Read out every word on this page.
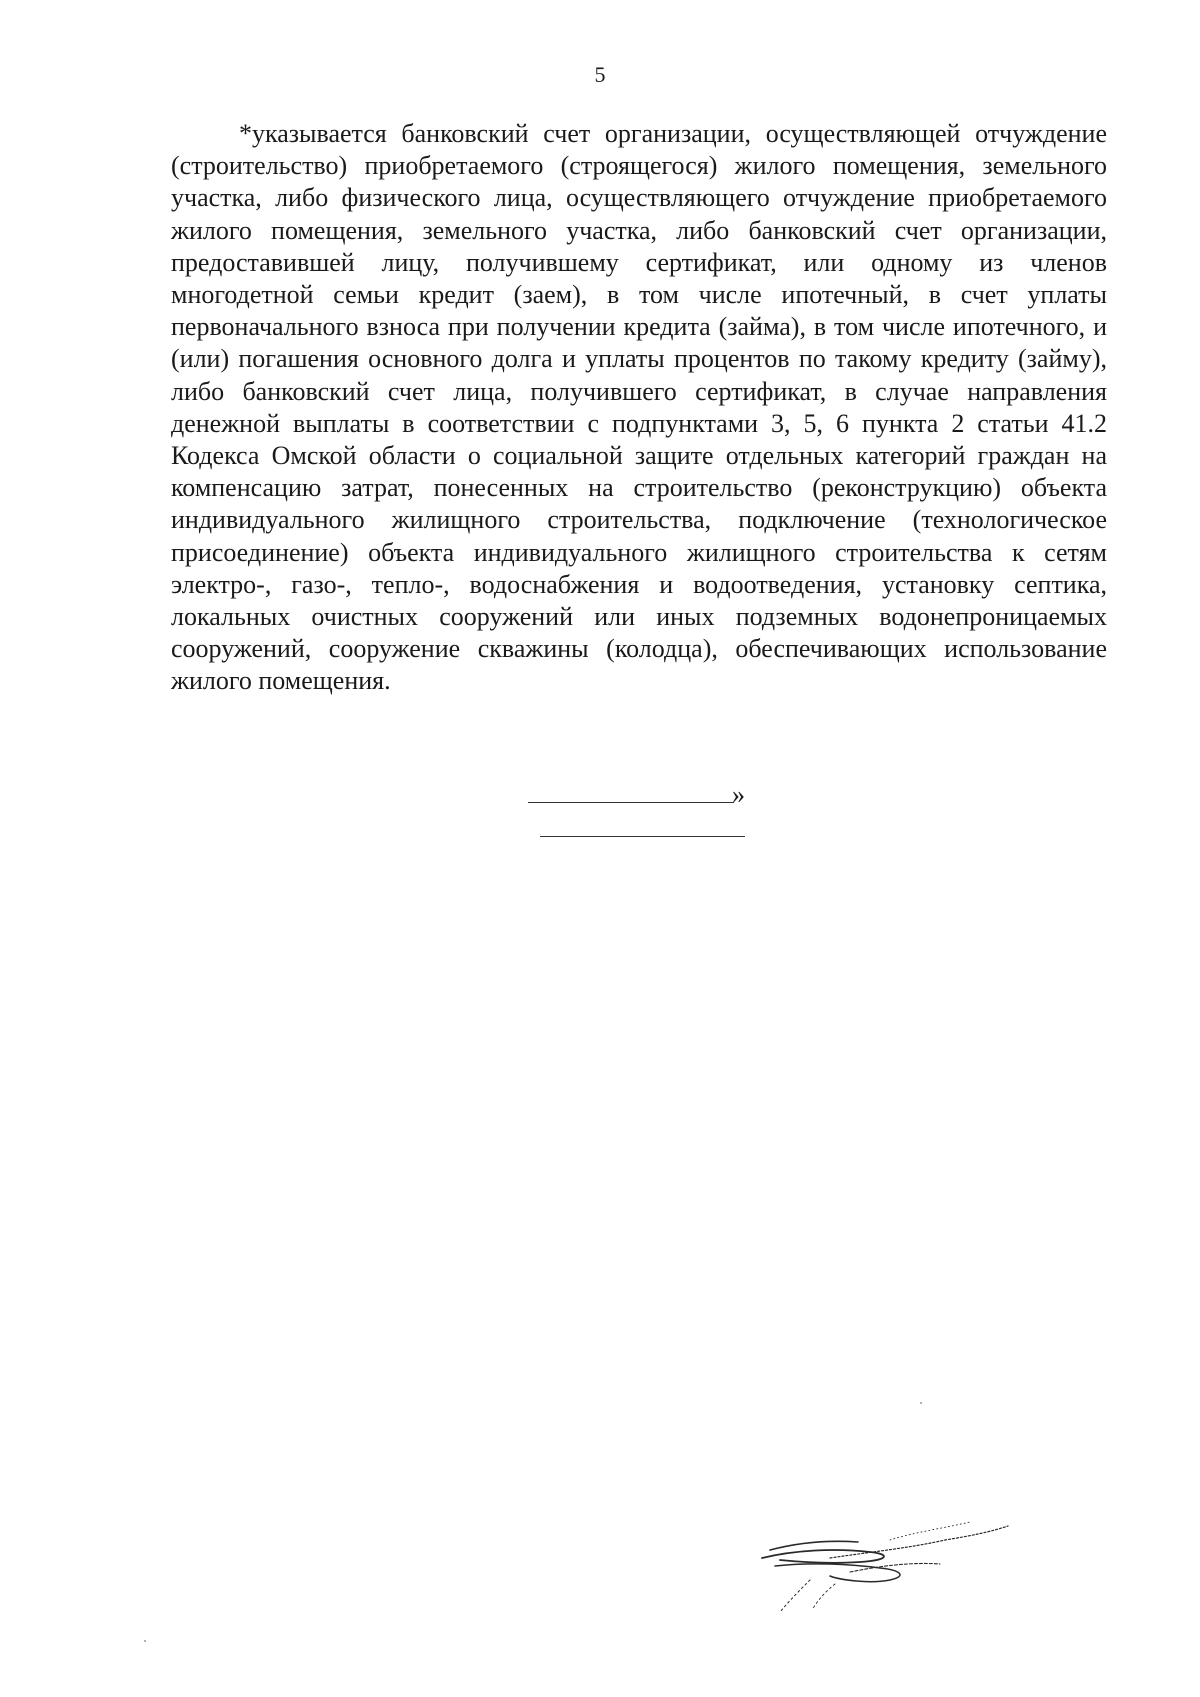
5

*указывается банковский счет организации, осуществляющей отчуждение (строительство) приобретаемого (строящегося) жилого помещения, земельного участка, либо физического лица, осуществляющего отчуждение приобретаемого жилого помещения, земельного участка, либо банковский счет организации, предоставившей лицу, получившему сертификат, или одному из членов многодетной семьи кредит (заем), в том числе ипотечный, в счет уплаты первоначального взноса при получении кредита (займа), в том числе ипотечного, и (или) погашения основного долга и уплаты процентов по такому кредиту (займу), либо банковский счет лица, получившего сертификат, в случае направления денежной выплаты в соответствии с подпунктами 3, 5, 6 пункта 2 статьи 41.2 Кодекса Омской области о социальной защите отдельных категорий граждан на компенсацию затрат, понесенных на строительство (реконструкцию) объекта индивидуального жилищного строительства, подключение (технологическое присоединение) объекта индивидуального жилищного строительства к сетям электро-, газо-, тепло-, водоснабжения и водоотведения, установку септика, локальных очистных сооружений или иных подземных водонепроницаемых сооружений, сооружение скважины (колодца), обеспечивающих использование жилого помещения.

»
